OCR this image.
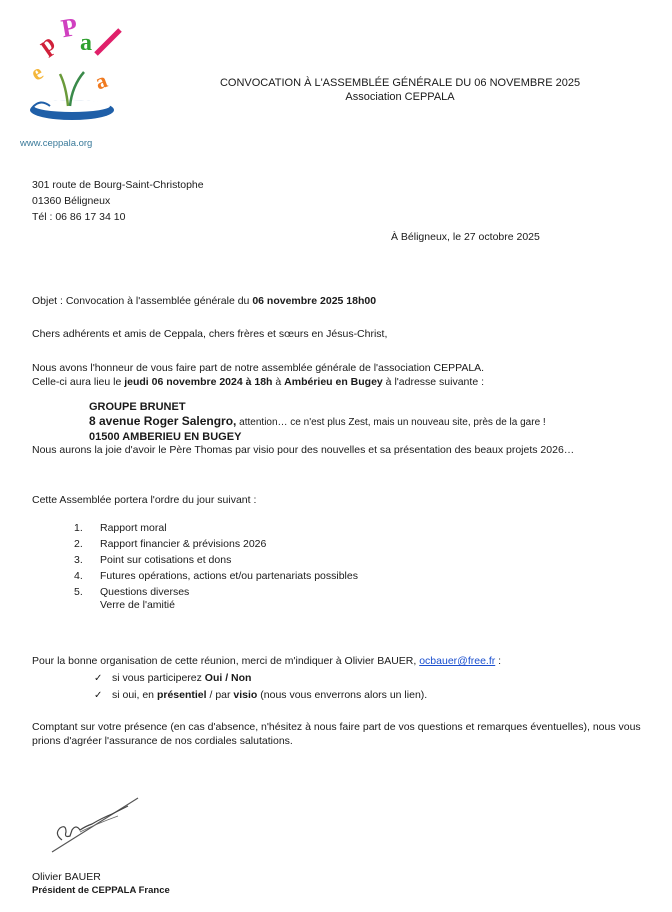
e
p
P a
a
www.ceppala.org
CONVOCATION À L'ASSEMBLÉE GÉNÉRALE DU 06 NOVEMBRE 2025
Association CEPPALA
301 route de Bourg-Saint-Christophe
01360 Béligneux
Tél : 06 86 17 34 10
À Béligneux, le 27 octobre 2025
Objet : Convocation à l'assemblée générale du 06 novembre 2025 18h00
Chers adhérents et amis de Ceppala, chers frères et sœurs en Jésus-Christ,
Nous avons l'honneur de vous faire part de notre assemblée générale de l'association CEPPALA.
Celle-ci aura lieu le jeudi 06 novembre 2024 à 18h à Ambérieu en Bugey à l'adresse suivante :
GROUPE BRUNET
8 avenue Roger Salengro, attention… ce n'est plus Zest, mais un nouveau site, près de la gare !
01500 AMBERIEU EN BUGEY
Nous aurons la joie d'avoir le Père Thomas par visio pour des nouvelles et sa présentation des beaux projets 2026…
Cette Assemblée portera l'ordre du jour suivant :
1. Rapport moral
2. Rapport financier & prévisions 2026
3. Point sur cotisations et dons
4. Futures opérations, actions et/ou partenariats possibles
5. Questions diverses
Verre de l'amitié
Pour la bonne organisation de cette réunion, merci de m'indiquer à Olivier BAUER, ocbauer@free.fr :
✓ si vous participerez Oui / Non
✓ si oui, en présentiel / par visio (nous vous enverrons alors un lien).
Comptant sur votre présence (en cas d'absence, n'hésitez à nous faire part de vos questions et remarques éventuelles), nous vous prions d'agréer l'assurance de nos cordiales salutations.
Olivier BAUER
Président de CEPPALA France
